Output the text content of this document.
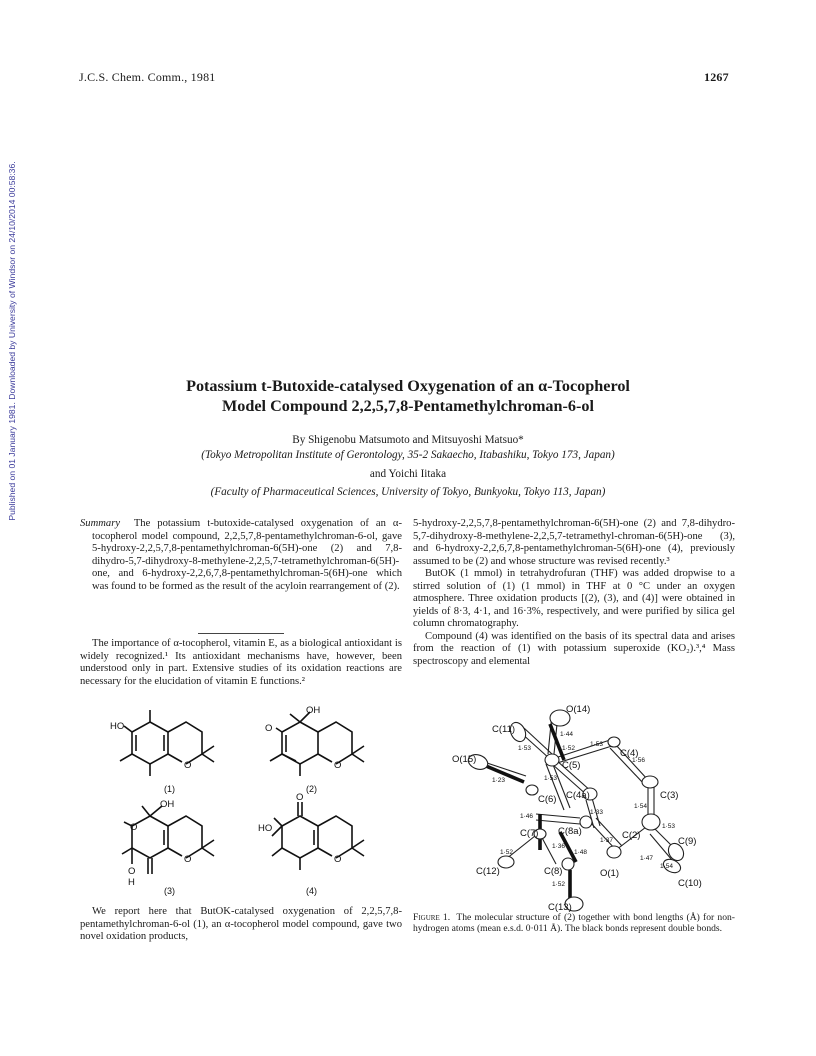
J.C.S. Chem. Comm., 1981	1267
Published on 01 January 1981. Downloaded by University of Windsor on 24/10/2014 00:58:36.	Potassium t-Butoxide-catalysed Oxygenation of an α-Tocopherol
Model Compound 2,2,5,7,8-Pentamethylchroman-6-ol
By Shigenobu Matsumoto and Mitsuyoshi Matsuo*
(Tokyo Metropolitan Institute of Gerontology, 35-2 Sakaecho, Itabashiku, Tokyo 173, Japan)
and Yoichi Iitaka
(Faculty of Pharmaceutical Sciences, University of Tokyo, Bunkyoku, Tokyo 113, Japan)

Summary The potassium t-butoxide-catalysed oxygenation of an α-tocopherol model compound, 2,2,5,7,8-pentamethylchroman-6-ol, gave 5-hydroxy-2,2,5,7,8-pentamethylchroman-6(5H)-one (2) and 7,8-dihydro-5,7-dihydroxy-8-methylene-2,2,5,7-tetramethylchroman-6(5H)-one, and 6-hydroxy-2,2,6,7,8-pentamethylchroman-5(6H)-one which was found to be formed as the result of the acyloin rearrangement of (2).

The importance of α-tocopherol, vitamin E, as a biological antioxidant is widely recognized.¹ Its antioxidant mechanisms have, however, been understood only in part. Extensive studies of its oxidation reactions are necessary for the elucidation of vitamin E functions.²

HO
O
OH
O
O
OH
O
O
O
H
O
HO
O
(1)	(2)
(3)	(4)

We report here that ButOK-catalysed oxygenation of 2,2,5,7,8-pentamethylchroman-6-ol (1), an α-tocopherol model compound, gave two novel oxidation products,

5-hydroxy-2,2,5,7,8-pentamethylchroman-6(5H)-one (2) and 7,8-dihydro-5,7-dihydroxy-8-methylene-2,2,5,7-tetramethyl-chroman-6(5H)-one (3), and 6-hydroxy-2,2,6,7,8-pentamethylchroman-5(6H)-one (4), previously assumed to be (2) and whose structure was revised recently.³

ButOK (1 mmol) in tetrahydrofuran (THF) was added dropwise to a stirred solution of (1) (1 mmol) in THF at 0 °C under an oxygen atmosphere. Three oxidation products [(2), (3), and (4)] were obtained in yields of 8·3, 4·1, and 16·3%, respectively, and were purified by silica gel column chromatography.

Compound (4) was identified on the basis of its spectral data and arises from the reaction of (1) with potassium superoxide (KO₂).³,⁴ Mass spectroscopy and elemental

O(14)
C(11)
C(5)
C(4)
O(15)
C(6) C(4a)	C(3)
C(8a)
C(7)	C(2)
C(9)
C(12)	C(8)	O(1)
C(10)
C(13)
1·44
1·53	1·52
1·53
1·56
1·23	1·53
1·33
1·54
1·46
1·53
1·36
1·37
1·48
1·52
1·47
1·54
1·52
Figure 1. The molecular structure of (2) together with bond lengths (Å) for non-hydrogen atoms (mean e.s.d. 0·011 Å). The black bonds represent double bonds.
